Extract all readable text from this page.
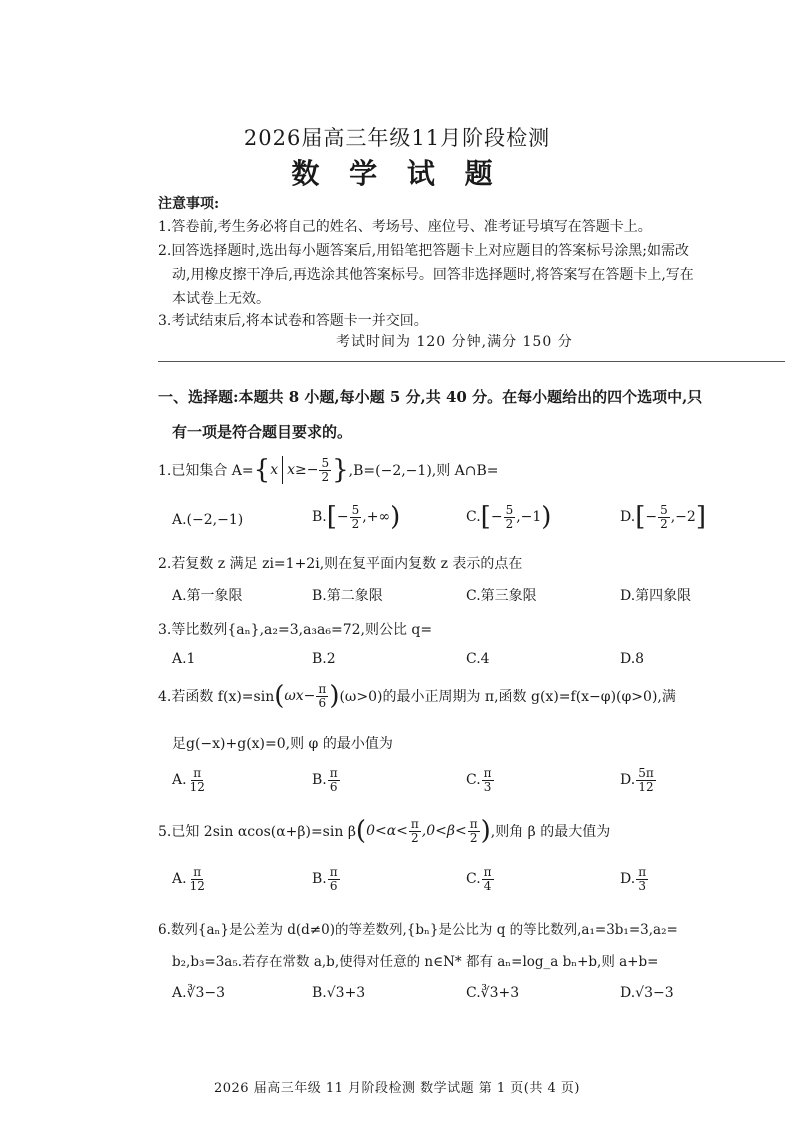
2026届高三年级11月阶段检测
数 学 试 题
注意事项:
1.答卷前,考生务必将自己的姓名、考场号、座位号、准考证号填写在答题卡上。
2.回答选择题时,选出每小题答案后,用铅笔把答题卡上对应题目的答案标号涂黑;如需改
动,用橡皮擦干净后,再选涂其他答案标号。回答非选择题时,将答案写在答题卡上,写在
本试卷上无效。
3.考试结束后,将本试卷和答题卡一并交回。
考试时间为 120 分钟,满分 150 分
一、选择题:本题共 8 小题,每小题 5 分,共 40 分。在每小题给出的四个选项中,只
有一项是符合题目要求的。
1.已知集合 A= { x $x\ge- \frac{5}{2}$ } ,B=(−2,−1),则 A∩B=
A.(−2,−1)	B. [ − $\frac{5}{2}$ ,+∞ )	C. [ − $\frac{5}{2} ,-1$ )	D. [ − $\frac{5}{2} ,-2$ ]
2.若复数 z 满足 zi=1+2i,则在复平面内复数 z 表示的点在
A.第一象限	B.第二象限	C.第三象限	D.第四象限
3.等比数列{aₙ},a₂=3,a₃a₆=72,则公比 q=
A.1	B.2	C.4	D.8
4.若函数 f(x)=sin ( $\omega x- \frac{\pi}{6}$ ) (ω>0)的最小正周期为 π,函数 g(x)=f(x−φ)(φ>0),满
足g(−x)+g(x)=0,则 φ 的最小值为
A. $\frac{\pi}{12}$	B. $\frac{\pi}{6}$	C. $\frac{\pi}{3}$	D. $\frac{5\pi}{12}$
5.已知 2sin αcos(α+β)=sin β ( $0<\alpha< \frac{\pi}{2} ,0<\beta< \frac{\pi}{2}$ ) ,则角 β 的最大值为
A. $\frac{\pi}{12}$	B. $\frac{\pi}{6}$	C. $\frac{\pi}{4}$	D. $\frac{\pi}{3}$
6.数列{aₙ}是公差为 d(d≠0)的等差数列,{bₙ}是公比为 q 的等比数列,a₁=3b₁=3,a₂=
b₂,b₃=3a₅.若存在常数 a,b,使得对任意的 n∈N* 都有 aₙ=log_a bₙ+b,则 a+b=
A.∛3−3	B.√3+3	C.∛3+3	D.√3−3
2026 届高三年级 11 月阶段检测 数学试题 第 1 页(共 4 页)
